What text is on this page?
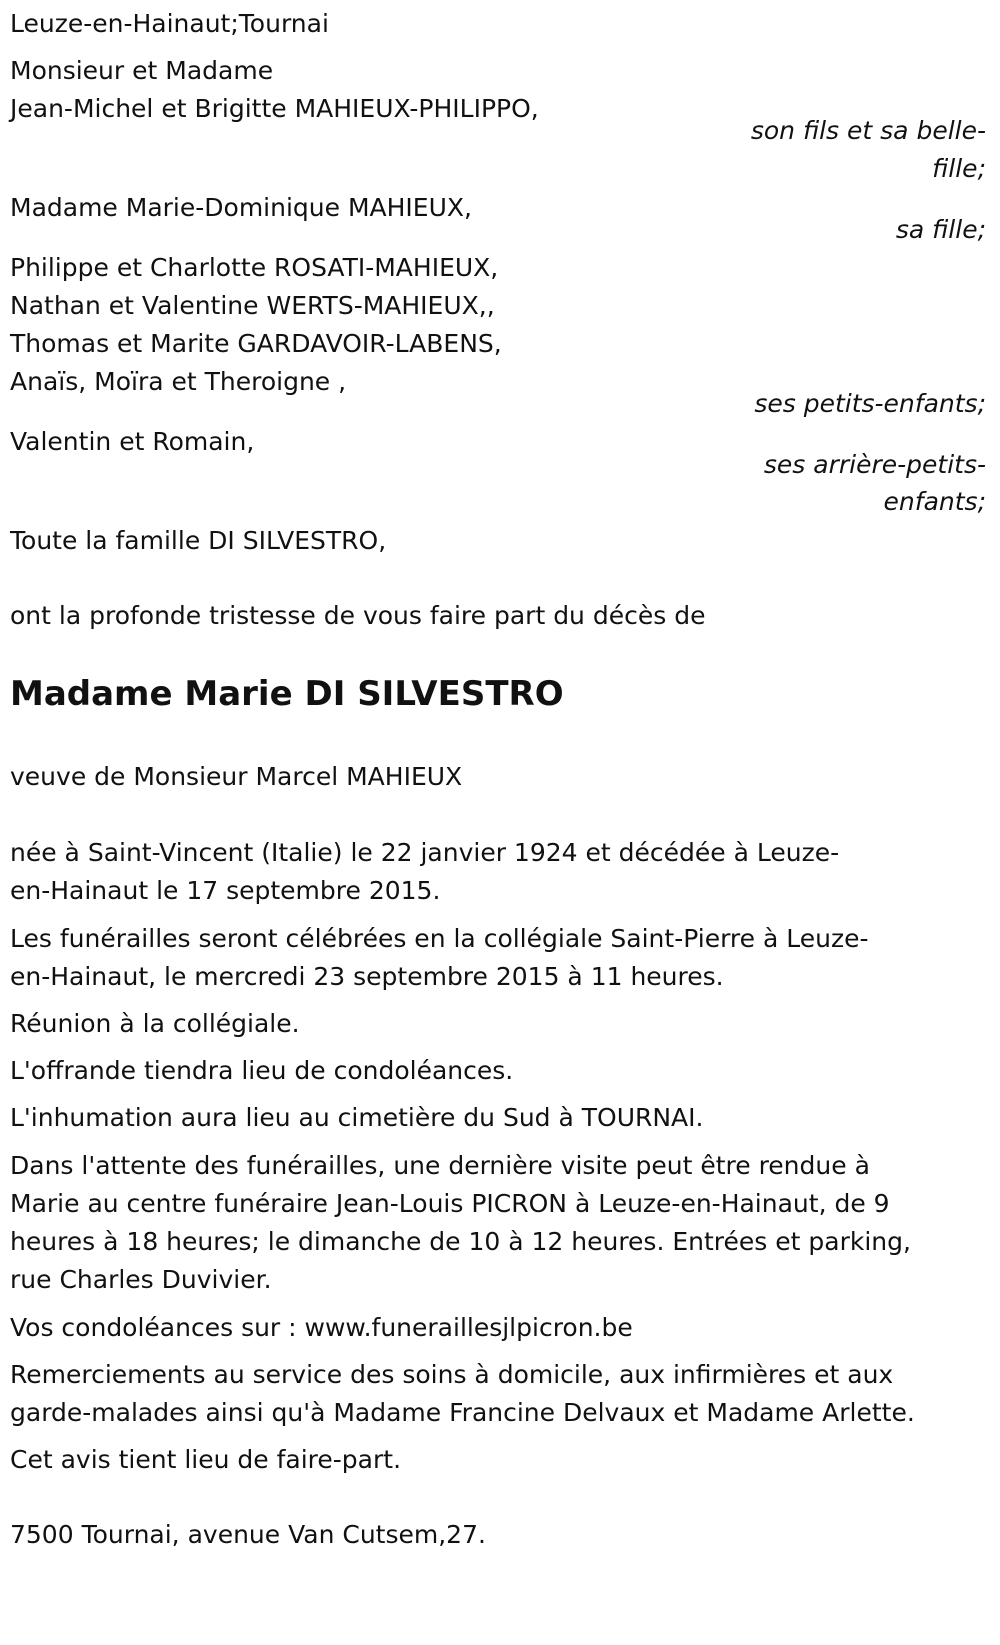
Leuze-en-Hainaut;Tournai
Monsieur et Madame
Jean-Michel et Brigitte MAHIEUX-PHILIPPO,
son fils et sa belle-
fille;
Madame Marie-Dominique MAHIEUX,
sa fille;
Philippe et Charlotte ROSATI-MAHIEUX,
Nathan et Valentine WERTS-MAHIEUX,,
Thomas et Marite GARDAVOIR-LABENS,
Anaïs, Moïra et Theroigne ,
ses petits-enfants;
Valentin et Romain,
ses arrière-petits-
enfants;
Toute la famille DI SILVESTRO,
ont la profonde tristesse de vous faire part du décès de
Madame Marie DI SILVESTRO
veuve de Monsieur Marcel MAHIEUX
née à Saint-Vincent (Italie) le 22 janvier 1924 et décédée à Leuze-
en-Hainaut le 17 septembre 2015.
Les funérailles seront célébrées en la collégiale Saint-Pierre à Leuze-
en-Hainaut, le mercredi 23 septembre 2015 à 11 heures.
Réunion à la collégiale.
L'offrande tiendra lieu de condoléances.
L'inhumation aura lieu au cimetière du Sud à TOURNAI.
Dans l'attente des funérailles, une dernière visite peut être rendue à
Marie au centre funéraire Jean-Louis PICRON à Leuze-en-Hainaut, de 9
heures à 18 heures; le dimanche de 10 à 12 heures. Entrées et parking,
rue Charles Duvivier.
Vos condoléances sur : www.funeraillesjlpicron.be
Remerciements au service des soins à domicile, aux infirmières et aux
garde-malades ainsi qu'à Madame Francine Delvaux et Madame Arlette.
Cet avis tient lieu de faire-part.
7500 Tournai, avenue Van Cutsem,27.
